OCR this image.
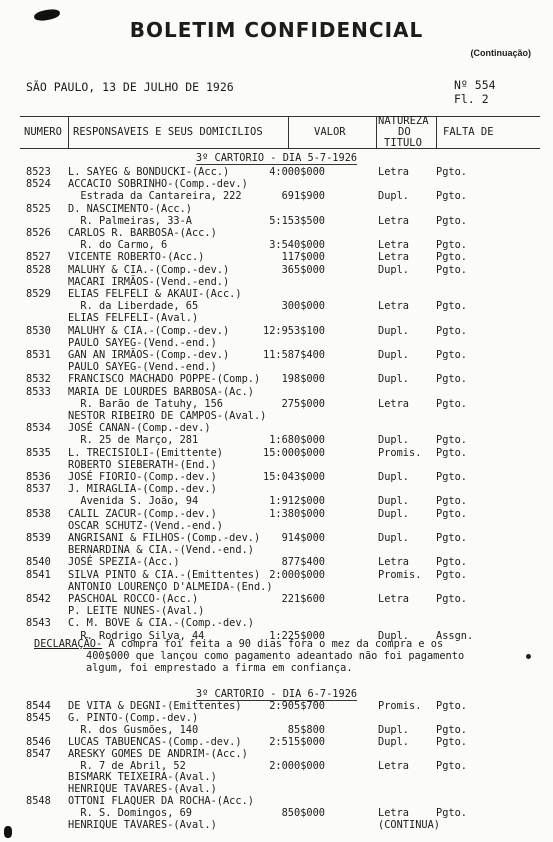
BOLETIM CONFIDENCIAL
(Continuação)
SÃO PAULO, 13 DE JULHO DE 1926	Nº 554
Fl. 2
NUMERO RESPONSAVEIS E SEUS DOMICILIOS	VALOR
NATUREZA
DO
TITULO
FALTA DE
3º CARTORIO - DIA 5-7-1926
8523 L. SAYEG & BONDUCKI-(Acc.)	4:000$000	Letra	Pgto.
8524 ACCACIO SOBRINHO-(Comp.-dev.)
Estrada da Cantareira, 222	691$900	Dupl.	Pgto.
8525 D. NASCIMENTO-(Acc.)
R. Palmeiras, 33-A	5:153$500	Letra	Pgto.
8526 CARLOS R. BARBOSA-(Acc.)
R. do Carmo, 6	3:540$000	Letra	Pgto.
8527 VICENTE ROBERTO-(Acc.)	117$000	Letra	Pgto.
8528 MALUHY & CIA.-(Comp.-dev.)	365$000	Dupl.	Pgto.
MACARI IRMÃOS-(Vend.-end.)
8529 ELIAS FELFELI & AKAUI-(Acc.)
R. da Liberdade, 65	300$000	Letra	Pgto.
ELIAS FELFELI-(Aval.)
8530 MALUHY & CIA.-(Comp.-dev.)	12:953$100	Dupl.	Pgto.
PAULO SAYEG-(Vend.-end.)
8531 GAN AN IRMÃOS-(Comp.-dev.)	11:587$400	Dupl.	Pgto.
PAULO SAYEG-(Vend.-end.)
8532 FRANCISCO MACHADO POPPE-(Comp.) 198$000	Dupl.	Pgto.
8533 MARIA DE LOURDES BARBOSA-(Ac.)
R. Barão de Tatuhy, 156	275$000	Letra	Pgto.
NESTOR RIBEIRO DE CAMPOS-(Aval.)
8534 JOSÉ CANAN-(Comp.-dev.)
R. 25 de Março, 281	1:680$000	Dupl.	Pgto.
8535 L. TRECISIOLI-(Emittente)	15:000$000	Promis. Pgto.
ROBERTO SIEBERATH-(End.)
8536 JOSÉ FIORIO-(Comp.-dev.)	15:043$000	Dupl.	Pgto.
8537 J. MIRAGLIA-(Comp.-dev.)
Avenida S. João, 94	1:912$000	Dupl.	Pgto.
8538 CALIL ZACUR-(Comp.-dev.)	1:380$000	Dupl.	Pgto.
OSCAR SCHUTZ-(Vend.-end.)
8539 ANGRISANI & FILHOS-(Comp.-dev.) 914$000	Dupl.	Pgto.
BERNARDINA & CIA.-(Vend.-end.)
8540 JOSÉ SPEZIA-(Acc.)	877$400	Letra	Pgto.
8541 SILVA PINTO & CIA.-(Emittentes) 2:000$000	Promis. Pgto.
ANTONIO LOURENÇO D'ALMEIDA-(End.)
8542 PASCHOAL ROCCO-(Acc.)	221$600	Letra	Pgto.
P. LEITE NUNES-(Aval.)
8543 C. M. BOVE & CIA.-(Comp.-dev.)
R. Rodrigo Silva, 44	1:225$000	Dupl.	Assgn.
DECLARAÇÃO- A compra foi feita a 90 dias fora o mez da compra e os
400$000 que lançou como pagamento adeantado não foi pagamento
algum, foi emprestado a firma em confiança.
3º CARTORIO - DIA 6-7-1926
8544 DE VITA & DEGNI-(Emittentes)	2:905$700	Promis. Pgto.
8545 G. PINTO-(Comp.-dev.)
R. dos Gusmões, 140	85$800	Dupl.	Pgto.
8546 LUCAS TABUENCAS-(Comp.-dev.)	2:515$000	Dupl.	Pgto.
8547 ARESKY GOMES DE ANDRIM-(Acc.)
R. 7 de Abril, 52	2:000$000	Letra	Pgto.
BISMARK TEIXEIRA-(Aval.)
HENRIQUE TAVARES-(Aval.)
8548 OTTONI FLAQUER DA ROCHA-(Acc.)
R. S. Domingos, 69	850$000	Letra	Pgto.
HENRIQUE TAVARES-(Aval.)	(CONTINUA)
